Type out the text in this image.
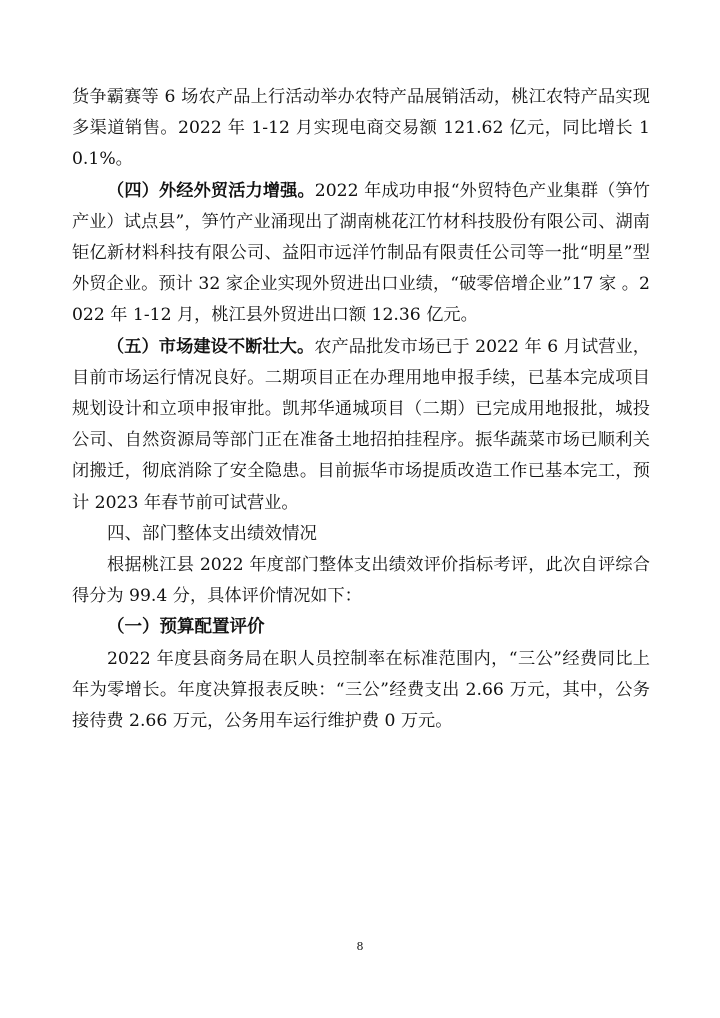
货争霸赛等 6 场农产品上行活动举办农特产品展销活动，桃江农特产品实现多渠道销售。2022 年 1-12 月实现电商交易额 121.62 亿元，同比增长 10.1%。

（四）外经外贸活力增强。2022 年成功申报“外贸特色产业集群（笋竹产业）试点县”，笋竹产业涌现出了湖南桃花江竹材科技股份有限公司、湖南钜亿新材料科技有限公司、益阳市远洋竹制品有限责任公司等一批“明星”型外贸企业。预计 32 家企业实现外贸进出口业绩，“破零倍增企业”17 家 。2022 年 1-12 月，桃江县外贸进出口额 12.36 亿元。

（五）市场建设不断壮大。农产品批发市场已于 2022 年 6 月试营业，目前市场运行情况良好。二期项目正在办理用地申报手续，已基本完成项目规划设计和立项申报审批。凯邦华通城项目（二期）已完成用地报批，城投公司、自然资源局等部门正在准备土地招拍挂程序。振华蔬菜市场已顺利关闭搬迁，彻底消除了安全隐患。目前振华市场提质改造工作已基本完工，预计 2023 年春节前可试营业。

四、部门整体支出绩效情况

根据桃江县 2022 年度部门整体支出绩效评价指标考评，此次自评综合得分为 99.4 分，具体评价情况如下：

（一）预算配置评价

2022 年度县商务局在职人员控制率在标准范围内，“三公”经费同比上年为零增长。年度决算报表反映：“三公”经费支出 2.66 万元，其中，公务接待费 2.66 万元，公务用车运行维护费 0 万元。

8
